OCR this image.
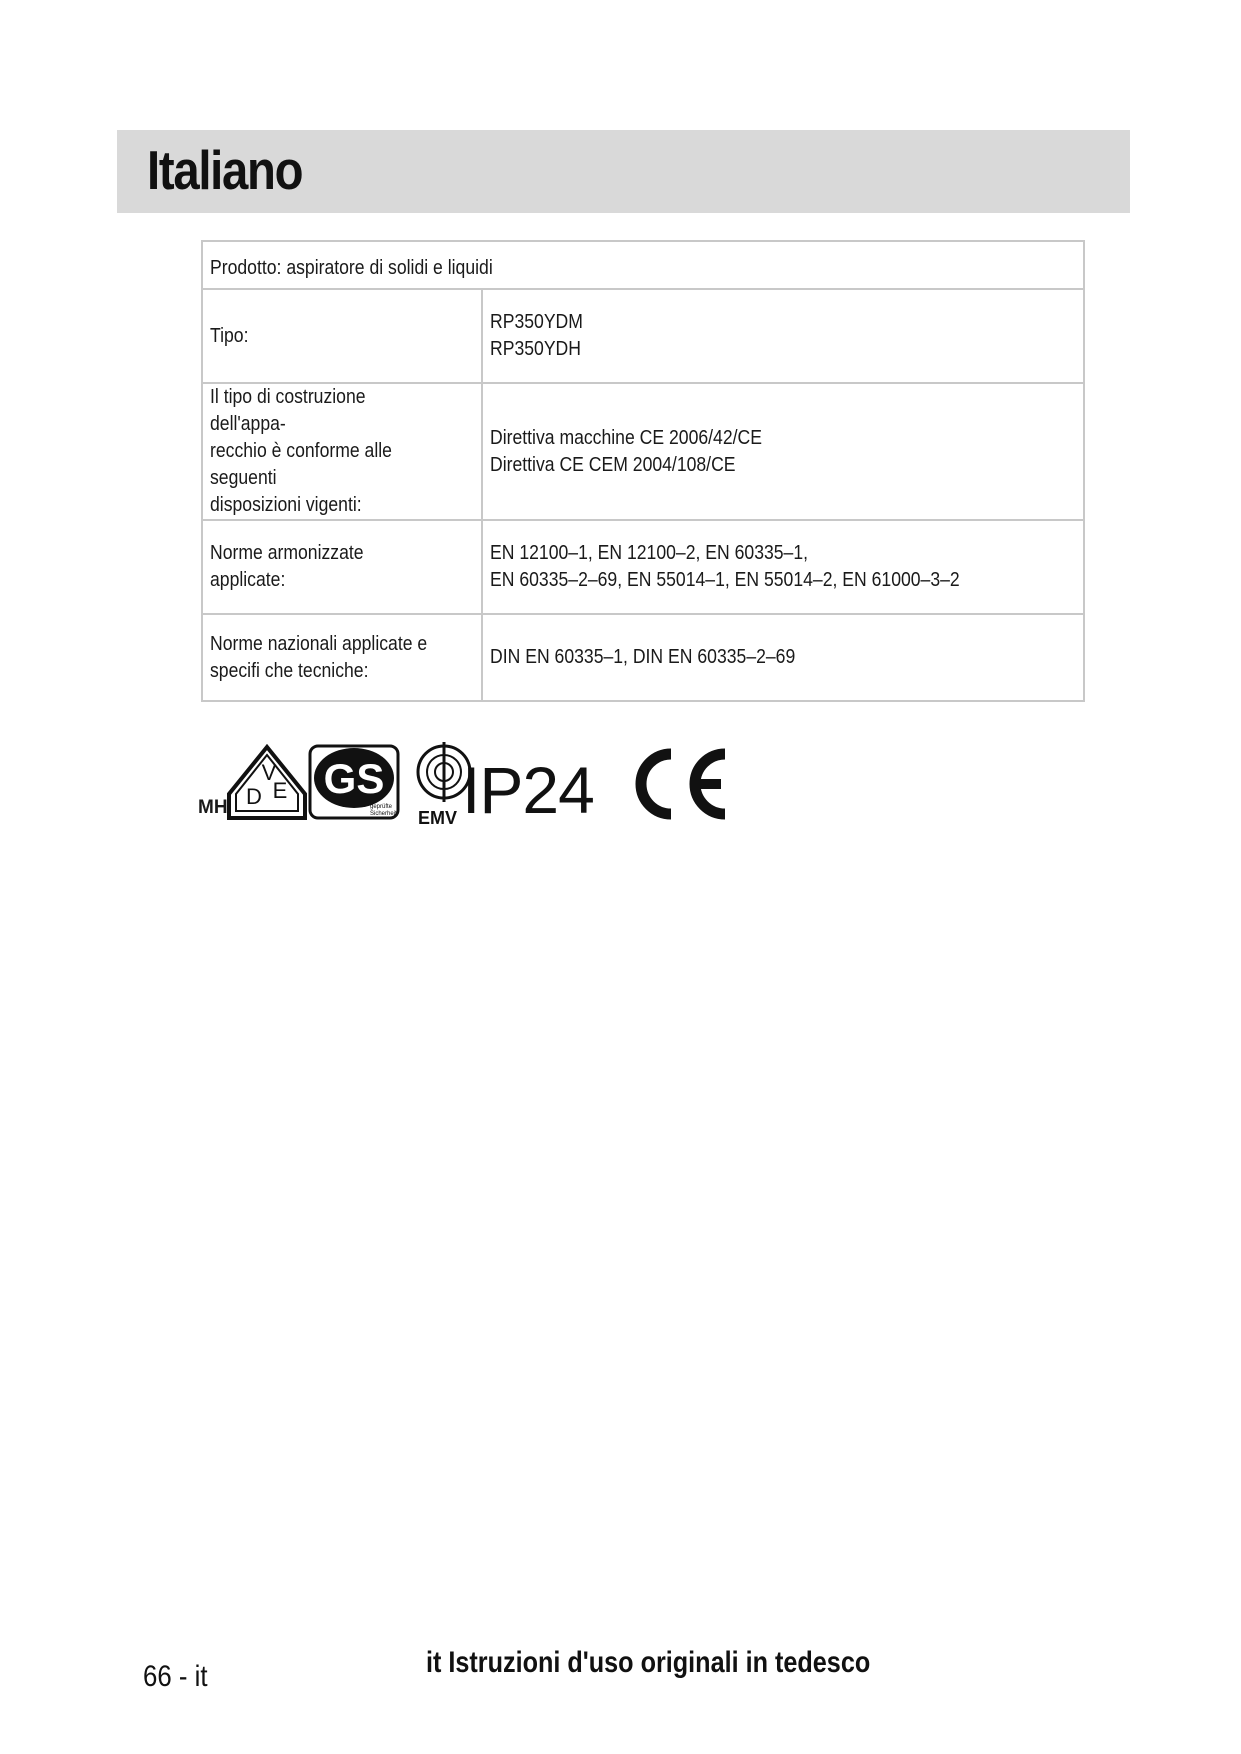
Italiano
Prodotto: aspiratore di solidi e liquidi	
Tipo:	RP350YDM
RP350YDH
Il tipo di costruzione dell'appa-
recchio è conforme alle seguenti
disposizioni vigenti:	Direttiva macchine CE 2006/42/CE
Direttiva CE CEM 2004/108/CE
Norme armonizzate applicate:	EN 12100–1, EN 12100–2, EN 60335–1,
EN 60335–2–69, EN 55014–1, EN 55014–2, EN 61000–3–2
Norme nazionali applicate e
specifi che tecniche:	DIN EN 60335–1, DIN EN 60335–2–69
MH
V
D E GS
geprüfte
Sicherheit EMV IP24
66 - it	it Istruzioni d'uso originali in tedesco
